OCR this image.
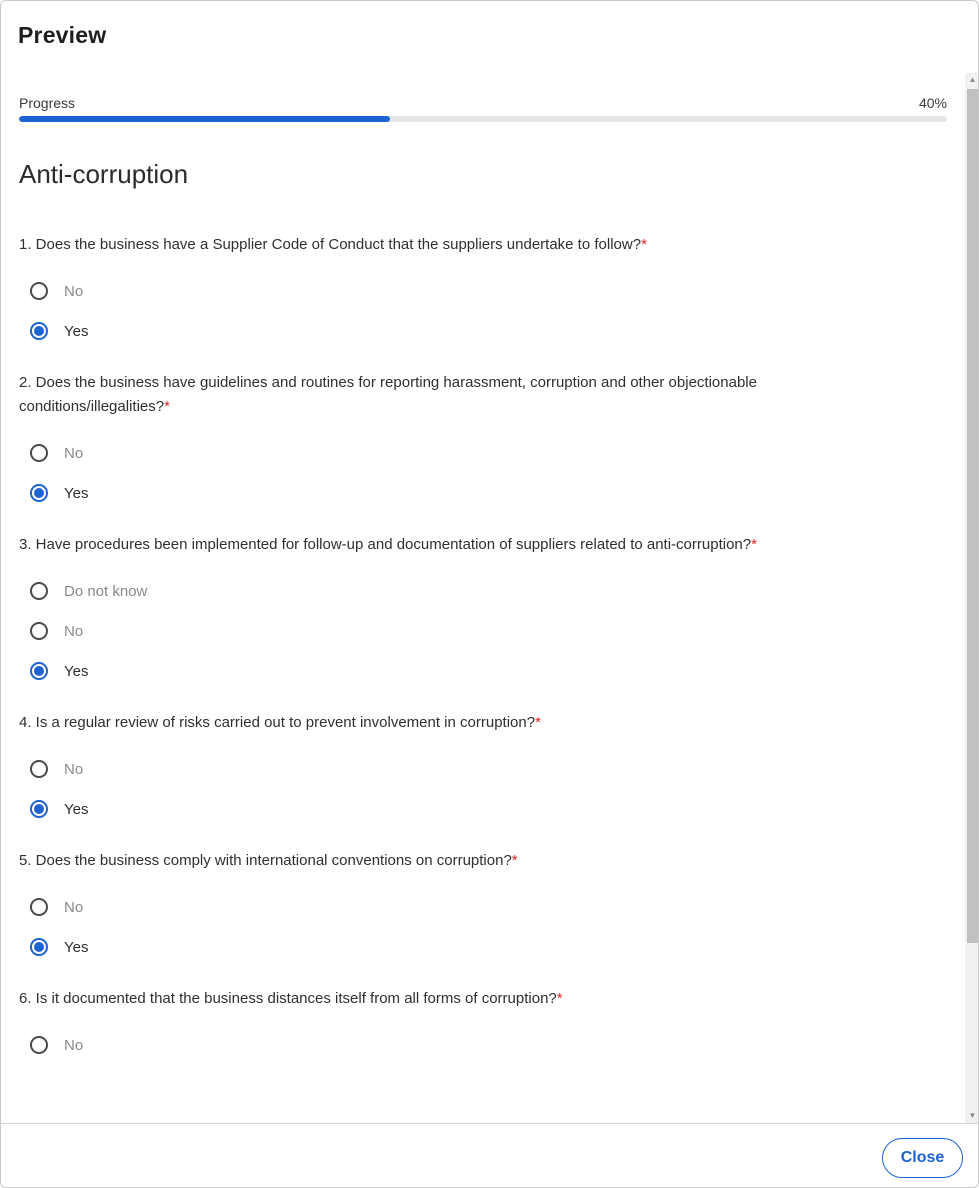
Preview
Progress	40%
Anti-corruption
1. Does the business have a Supplier Code of Conduct that the suppliers undertake to follow?*
No
Yes
2. Does the business have guidelines and routines for reporting harassment, corruption and other objectionable conditions/illegalities?*
No
Yes
3. Have procedures been implemented for follow-up and documentation of suppliers related to anti-corruption?*
Do not know
No
Yes
4. Is a regular review of risks carried out to prevent involvement in corruption?*
No
Yes
5. Does the business comply with international conventions on corruption?*
No
Yes
6. Is it documented that the business distances itself from all forms of corruption?*
No
▲
▼
Close
